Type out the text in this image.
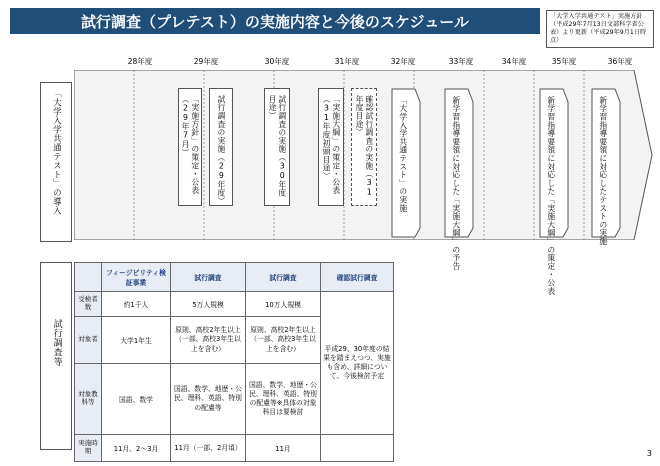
試行調査（プレテスト）の実施内容と今後のスケジュール	「大学入学共通テスト」実施方針（平成29年7月13日文部科学省公表）より更新（平成29年9月1日時点）
28年度	29年度	30年度	31年度	32年度	33年度	34年度	35年度	36年度
「大学入学共通テスト」の導入
試行調査等
「実施方針」の策定・公表（29年7月）	試行調査の実施（29年度）	試行調査の実施（30年度目途）	「実施大綱」の策定・公表（31年度初頭目途）	確認試行調査の実施（31年度目途）	「大学入学共通テスト」の実施	新学習指導要領に対応した「実施大綱」の予告	新学習指導要領に対応した「実施大綱」の策定・公表	新学習指導要領に対応したテストの実施
	フィージビリティ検証事業	試行調査	試行調査	確認試行調査
受検者数	約1千人	5万人規模	10万人規模	平成29、30年度の結果を踏まえつつ、実施も含め、詳細について、今後検討予定
対象者	大学1年生	原則、高校2年生以上（一部、高校3年生以上を含む）	原則、高校2年生以上（一部、高校3年生以上を含む）	
対象教科等	国語、数学	国語、数学、地歴・公民、理科、英語、特別の配慮等	国語、数学、地歴・公民、理科、英語、特別の配慮等※具体の対象科目は要検討	
実施時期	11月、2～3月	11月（一部、2月頃）	11月		3
